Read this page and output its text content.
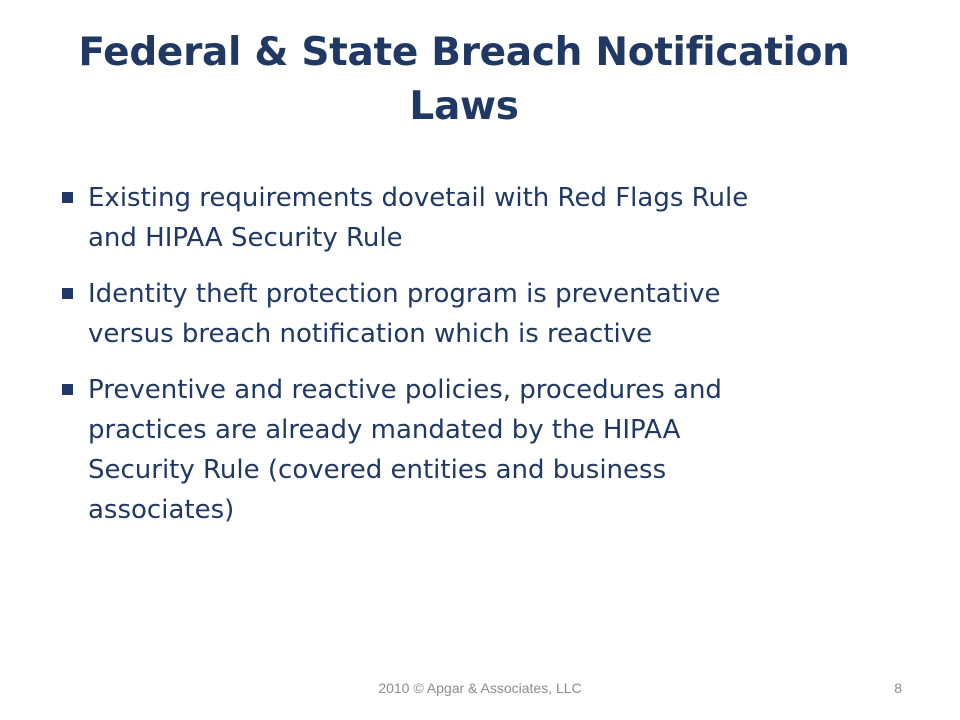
Federal & State Breach Notification
Laws
Existing requirements dovetail with Red Flags Rule
and HIPAA Security Rule
Identity theft protection program is preventative
versus breach notification which is reactive
Preventive and reactive policies, procedures and
practices are already mandated by the HIPAA
Security Rule (covered entities and business
associates)
2010 © Apgar & Associates, LLC	8
